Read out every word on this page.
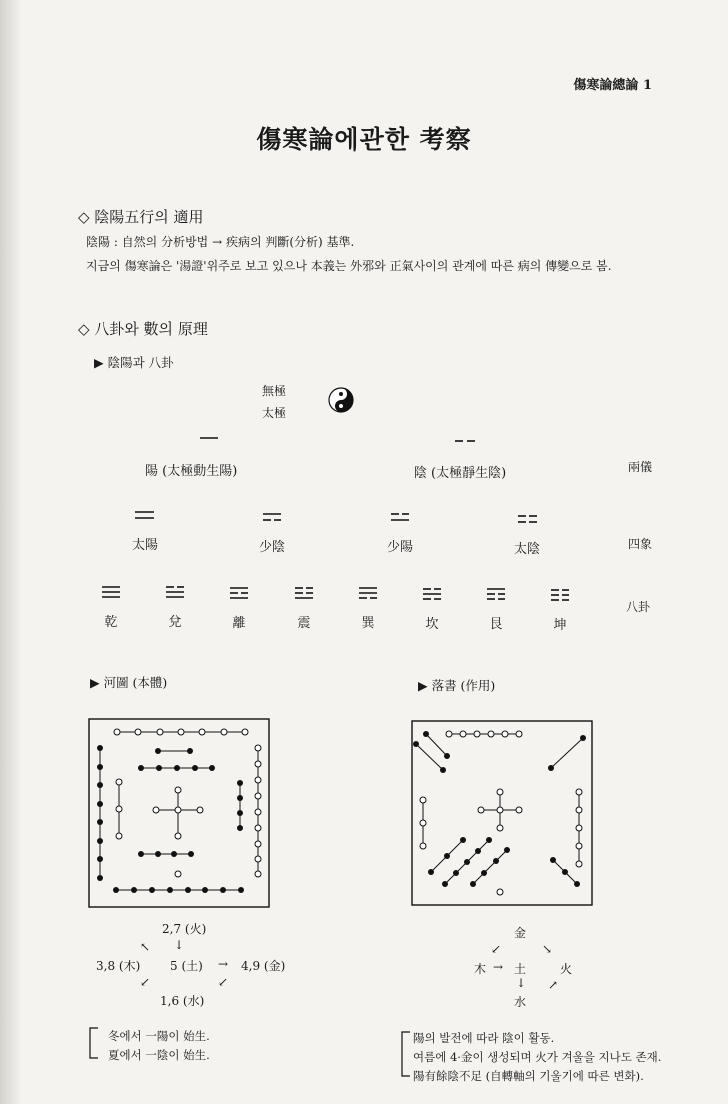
傷寒論總論 1
傷寒論에관한 考察
◇ 陰陽五行의 適用
陰陽 : 自然의 分析방법 → 疾病의 判斷(分析) 基準.
지금의 傷寒論은 '湯證'위주로 보고 있으나 本義는 外邪와 正氣사이의 관계에 따른 病의 傳變으로 봄.
◇ 八卦와 數의 原理
▶ 陰陽과 八卦
無極
太極
陽 (太極動生陽)	陰 (太極靜生陰)	兩儀
太陽	少陰	少陽	太陰	四象
乾	兌	離	震	巽	坎	艮	坤
八卦
▶ 河圖 (本體)	▶ 落書 (作用)
2,7 (火)
↓
↖
3,8 (木) 5 (土) → 4,9 (金)
↙	↙
1,6 (水)
金
↙	↘
木 → 土	火
↓ ↗
水
冬에서 一陽이 始生.
夏에서 一陰이 始生.
陽의 발전에 따라 陰이 활동.
여름에 4·金이 생성되며 火가 겨울을 지나도 존재.
陽有餘陰不足 (自轉軸의 기울기에 따른 변화).
